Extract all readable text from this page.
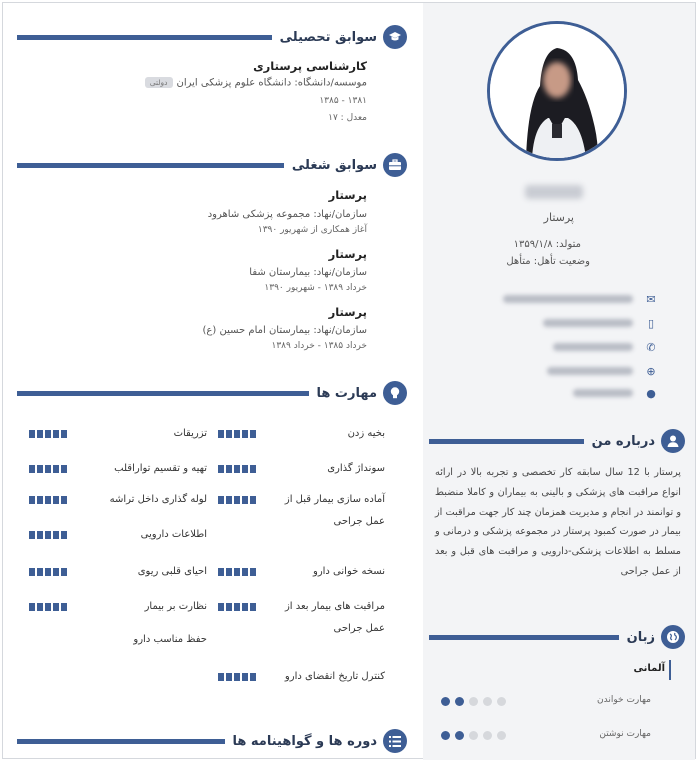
سوابق تحصیلی
کارشناسی پرستاری
موسسه/دانشگاه: دانشگاه علوم پزشکی ایراندولتی
۱۳۸۱ - ۱۳۸۵
معدل : ۱۷
سوابق شغلی
پرستار
سازمان/نهاد: مجموعه پزشکی شاهرود
آغاز همکاری از شهریور ۱۳۹۰
پرستار
سازمان/نهاد: بیمارستان شفا
خرداد ۱۳۸۹ - شهریور ۱۳۹۰
پرستار
سازمان/نهاد: بیمارستان امام حسین (ع)
خرداد ۱۳۸۵ - خرداد ۱۳۸۹
مهارت ها
بخیه زدن
سونداژ گذاری
آماده سازی بیمار قبل از عمل جراحی
نسخه خوانی دارو
مراقبت های بیمار بعد از عمل جراحی
کنترل تاریخ انقضای دارو
تزریقات
تهیه و تقسیم تواراقلب
لوله گذاری داخل تراشه
اطلاعات دارویی
احیای قلبی ریوی
نظارت بر بیمار
حفظ مناسب دارو
دوره ها و گواهینامه ها
پرستار
متولد: ۱۳۵۹/۱/۸
وضعیت تأهل: متأهل
✉
▯
✆
⊕
●
درباره من
پرستار با 12 سال سابقه کار تخصصی و تجربه بالا در ارائه انواع مراقبت های پزشکی و بالینی به بیماران و کاملا منضبط و توانمند در انجام و مدیریت همزمان چند کار جهت مراقبت از بیمار در صورت کمبود پرستار در مجموعه پزشکی و درمانی و مسلط به اطلاعات پزشکی-دارویی و مراقبت های قبل و بعد از عمل جراحی
زبان
آلمانی
مهارت خواندن
مهارت نوشتن
